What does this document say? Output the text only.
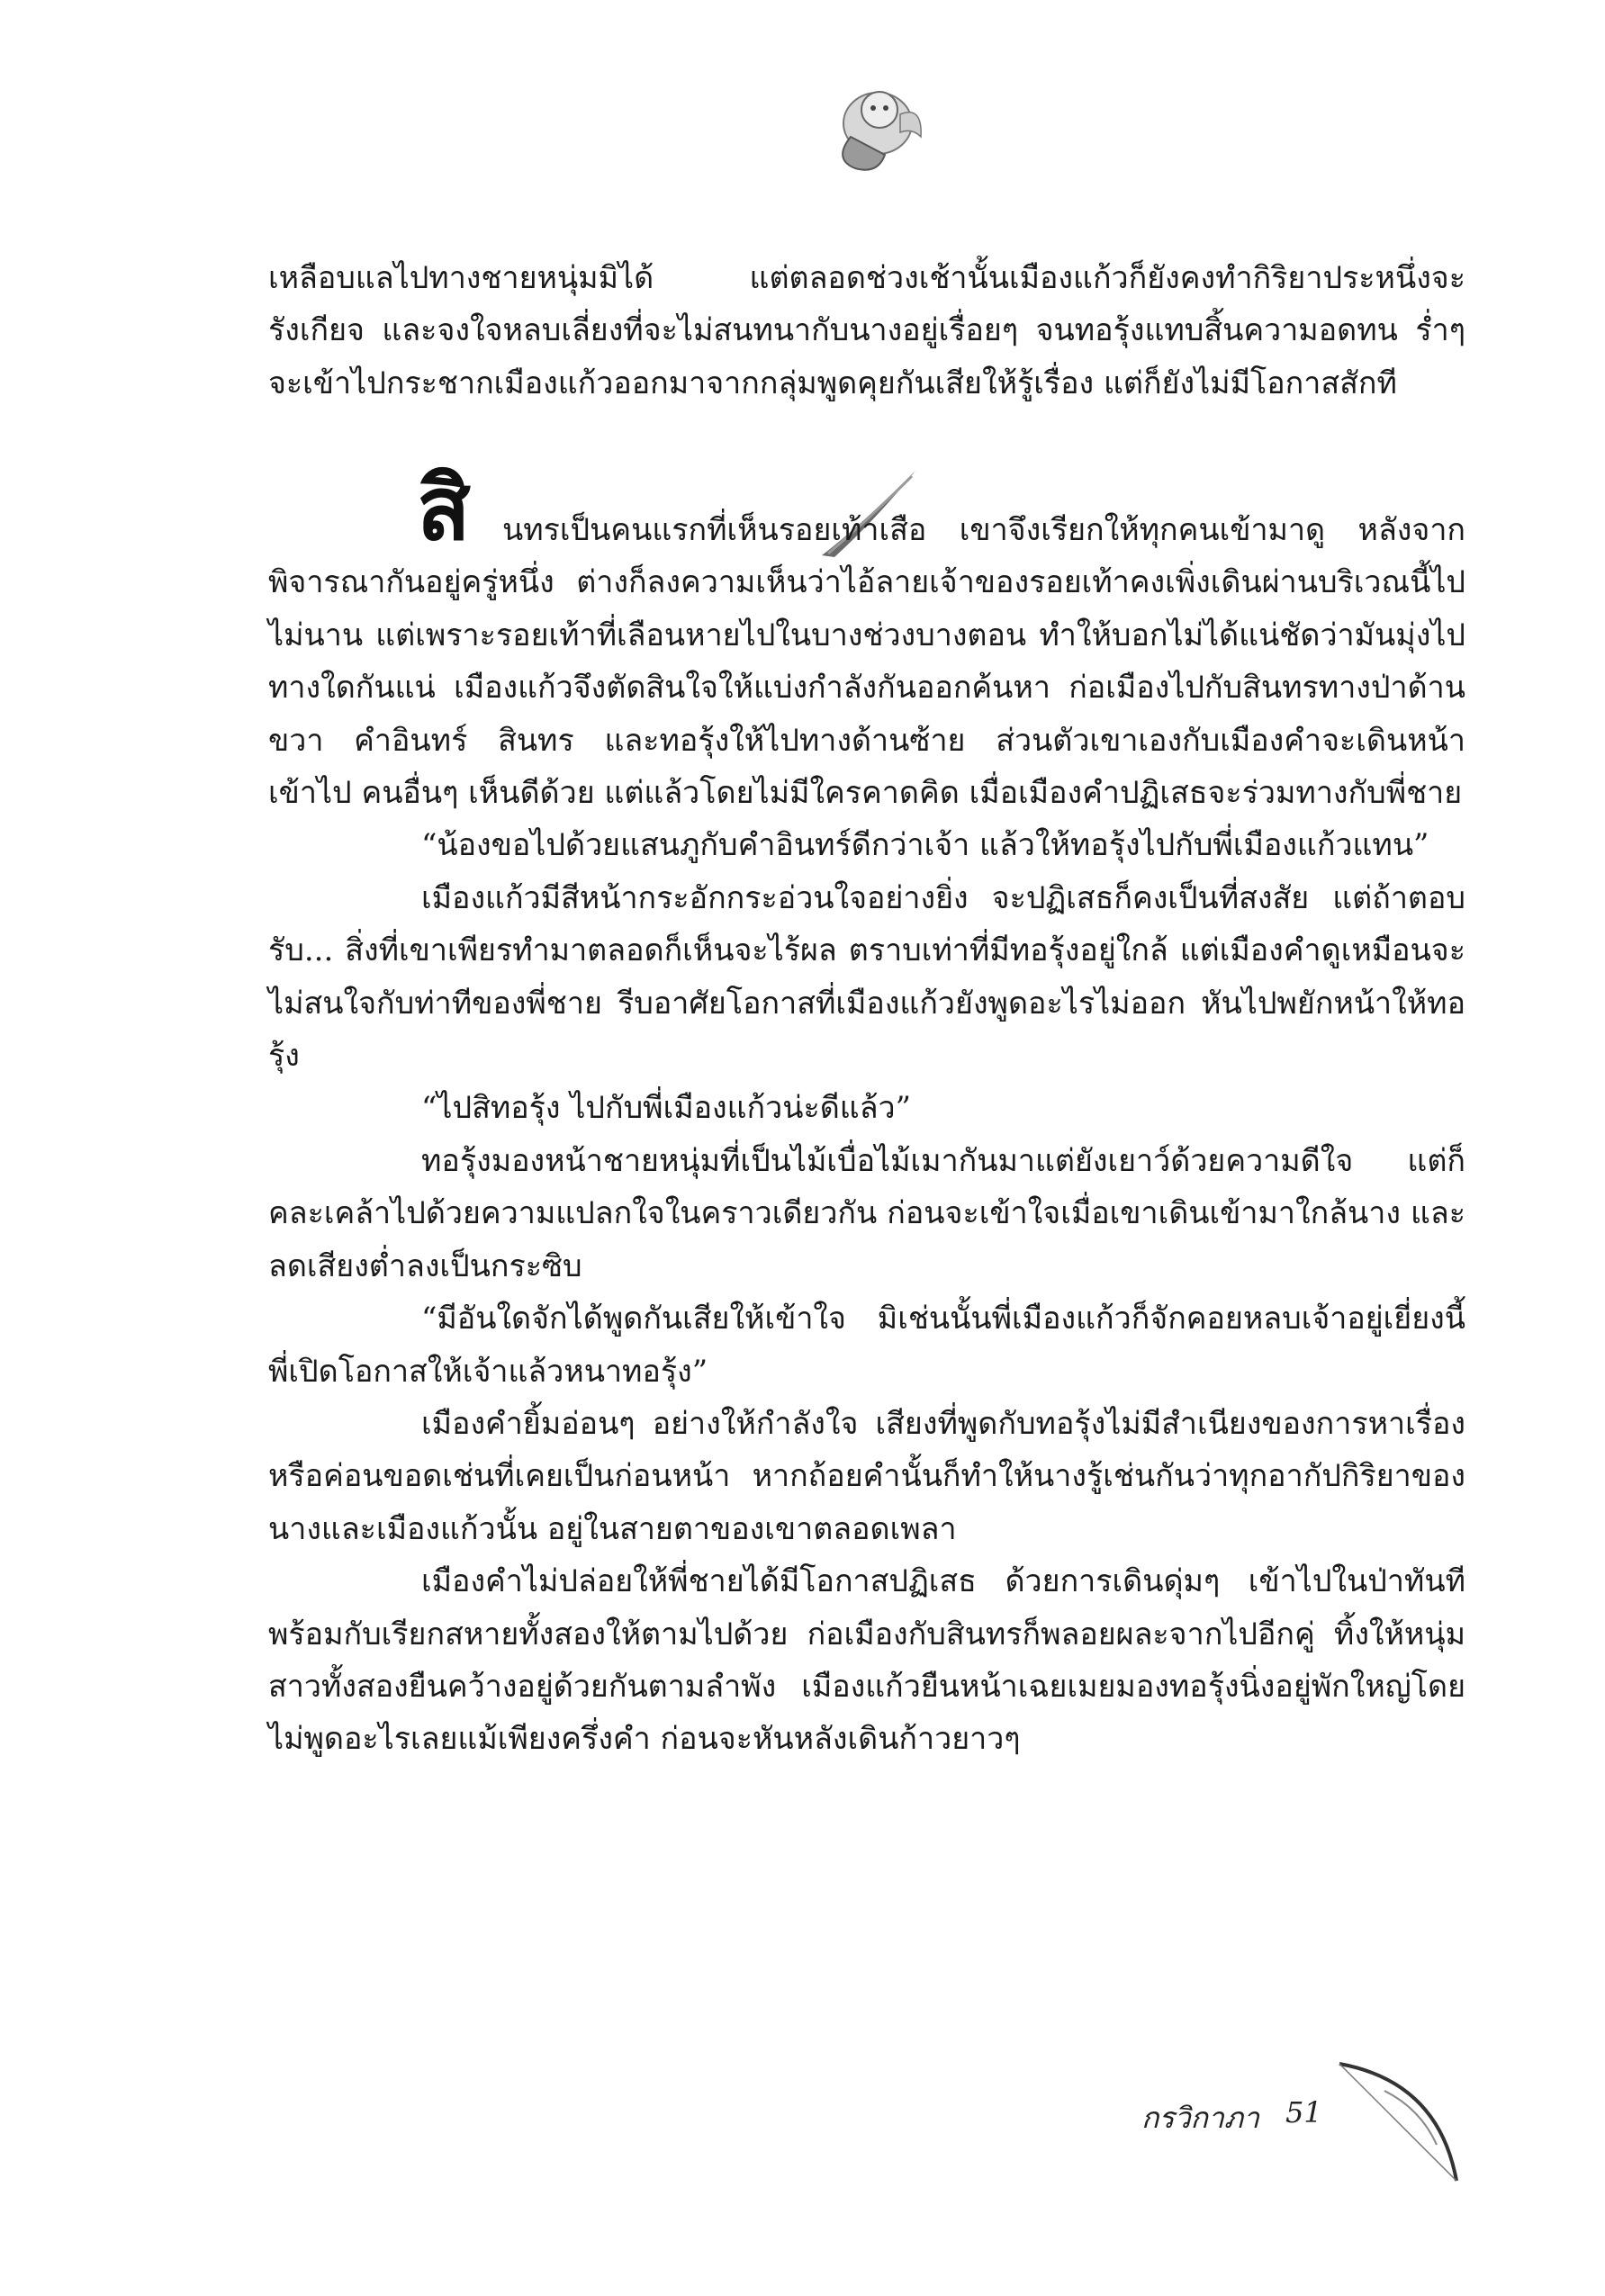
เหลือบแลไปทางชายหนุ่มมิได้ แต่ตลอดช่วงเช้านั้นเมืองแก้วก็ยังคงทำกิริยาประหนึ่งจะรังเกียจ และจงใจหลบเลี่ยงที่จะไม่สนทนากับนางอยู่เรื่อยๆ จนทอรุ้งแทบสิ้นความอดทน ร่ำๆ จะเข้าไปกระชากเมืองแก้วออกมาจากกลุ่มพูดคุยกันเสียให้รู้เรื่อง แต่ก็ยังไม่มีโอกาสสักที

สิ	นทรเป็นคนแรกที่เห็นรอยเท้าเสือ เขาจึงเรียกให้ทุกคนเข้ามาดู หลังจากพิจารณากันอยู่ครู่หนึ่ง ต่างก็ลงความเห็นว่าไอ้ลายเจ้าของรอยเท้าคงเพิ่งเดินผ่านบริเวณนี้ไปไม่นาน แต่เพราะรอยเท้าที่เลือนหายไปในบางช่วงบางตอน ทำให้บอกไม่ได้แน่ชัดว่ามันมุ่งไปทางใดกันแน่ เมืองแก้วจึงตัดสินใจให้แบ่งกำลังกันออกค้นหา ก่อเมืองไปกับสินทรทางป่าด้านขวา คำอินทร์ สินทร และทอรุ้งให้ไปทางด้านซ้าย ส่วนตัวเขาเองกับเมืองคำจะเดินหน้าเข้าไป คนอื่นๆ เห็นดีด้วย แต่แล้วโดยไม่มีใครคาดคิด เมื่อเมืองคำปฏิเสธจะร่วมทางกับพี่ชาย

“น้องขอไปด้วยแสนภูกับคำอินทร์ดีกว่าเจ้า แล้วให้ทอรุ้งไปกับพี่เมืองแก้วแทน”

เมืองแก้วมีสีหน้ากระอักกระอ่วนใจอย่างยิ่ง จะปฏิเสธก็คงเป็นที่สงสัย แต่ถ้าตอบรับ... สิ่งที่เขาเพียรทำมาตลอดก็เห็นจะไร้ผล ตราบเท่าที่มีทอรุ้งอยู่ใกล้ แต่เมืองคำดูเหมือนจะไม่สนใจกับท่าทีของพี่ชาย รีบอาศัยโอกาสที่เมืองแก้วยังพูดอะไรไม่ออก หันไปพยักหน้าให้ทอรุ้ง

“ไปสิทอรุ้ง ไปกับพี่เมืองแก้วน่ะดีแล้ว”

ทอรุ้งมองหน้าชายหนุ่มที่เป็นไม้เบื่อไม้เมากันมาแต่ยังเยาว์ด้วยความดีใจ แต่ก็คละเคล้าไปด้วยความแปลกใจในคราวเดียวกัน ก่อนจะเข้าใจเมื่อเขาเดินเข้ามาใกล้นาง และลดเสียงต่ำลงเป็นกระซิบ

“มีอันใดจักได้พูดกันเสียให้เข้าใจ มิเช่นนั้นพี่เมืองแก้วก็จักคอยหลบเจ้าอยู่เยี่ยงนี้ พี่เปิดโอกาสให้เจ้าแล้วหนาทอรุ้ง”

เมืองคำยิ้มอ่อนๆ อย่างให้กำลังใจ เสียงที่พูดกับทอรุ้งไม่มีสำเนียงของการหาเรื่องหรือค่อนขอดเช่นที่เคยเป็นก่อนหน้า หากถ้อยคำนั้นก็ทำให้นางรู้เช่นกันว่าทุกอากัปกิริยาของนางและเมืองแก้วนั้น อยู่ในสายตาของเขาตลอดเพลา

เมืองคำไม่ปล่อยให้พี่ชายได้มีโอกาสปฏิเสธ ด้วยการเดินดุ่มๆ เข้าไปในป่าทันที พร้อมกับเรียกสหายทั้งสองให้ตามไปด้วย ก่อเมืองกับสินทรก็พลอยผละจากไปอีกคู่ ทิ้งให้หนุ่มสาวทั้งสองยืนคว้างอยู่ด้วยกันตามลำพัง เมืองแก้วยืนหน้าเฉยเมยมองทอรุ้งนิ่งอยู่พักใหญ่โดยไม่พูดอะไรเลยแม้เพียงครึ่งคำ ก่อนจะหันหลังเดินก้าวยาวๆ

กรวิกาภา 51
